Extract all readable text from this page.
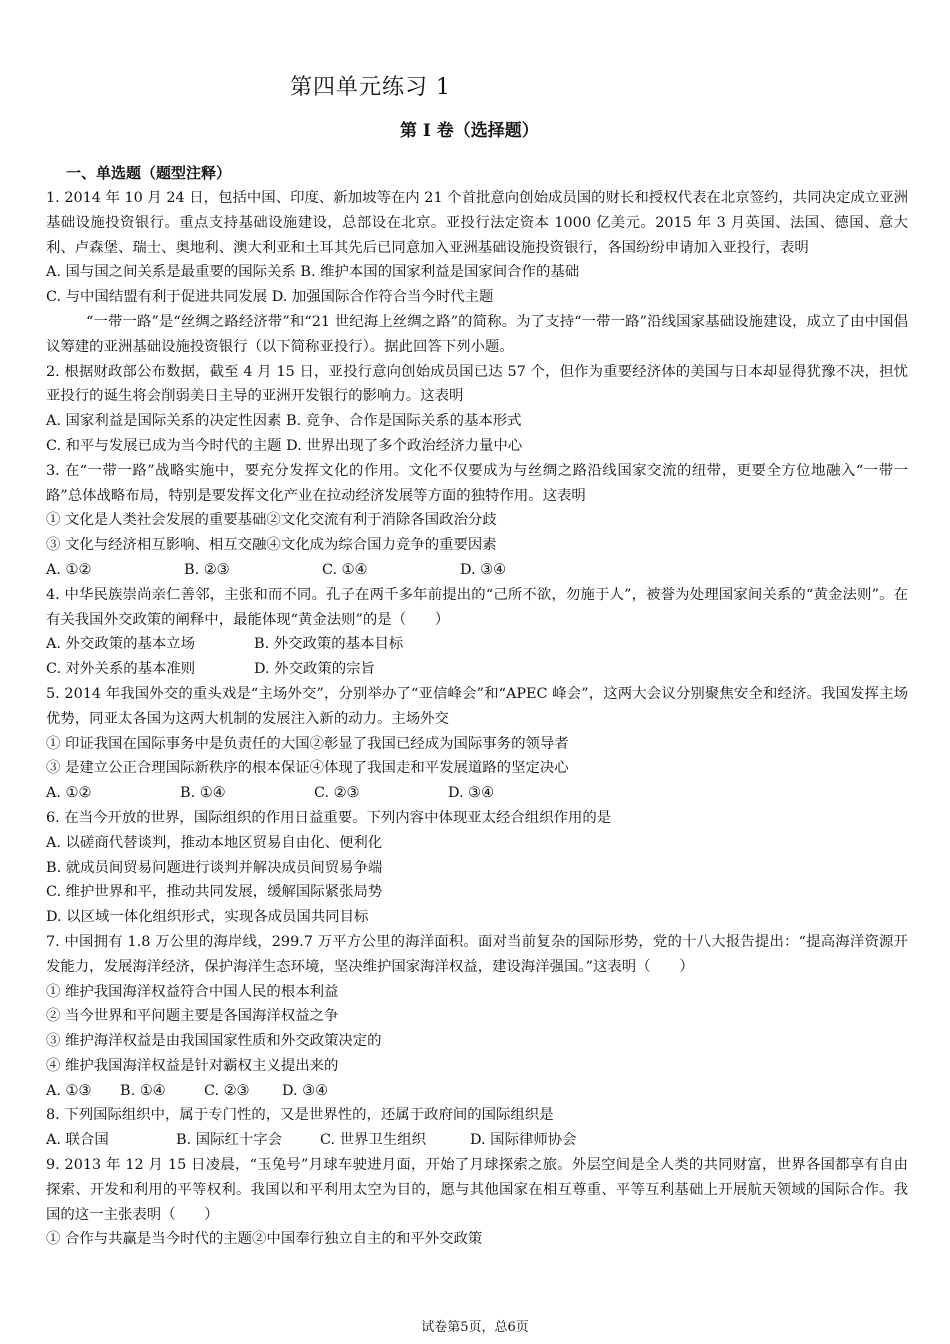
第四单元练习 1
第 I 卷（选择题）
一、单选题（题型注释）

1. 2014 年 10 月 24 日，包括中国、印度、新加坡等在内 21 个首批意向创始成员国的财长和授权代表在北京签约，共同决定成立亚洲基础设施投资银行。重点支持基础设施建设，总部设在北京。亚投行法定资本 1000 亿美元。2015 年 3 月英国、法国、德国、意大利、卢森堡、瑞士、奥地利、澳大利亚和土耳其先后已同意加入亚洲基础设施投资银行，各国纷纷申请加入亚投行，表明

A. 国与国之间关系是最重要的国际关系 B. 维护本国的国家利益是国家间合作的基础

C. 与中国结盟有利于促进共同发展 D. 加强国际合作符合当今时代主题

“一带一路”是“丝绸之路经济带”和“21 世纪海上丝绸之路”的简称。为了支持“一带一路”沿线国家基础设施建设，成立了由中国倡议筹建的亚洲基础设施投资银行（以下简称亚投行）。据此回答下列小题。

2. 根据财政部公布数据，截至 4 月 15 日，亚投行意向创始成员国已达 57 个，但作为重要经济体的美国与日本却显得犹豫不决，担忧亚投行的诞生将会削弱美日主导的亚洲开发银行的影响力。这表明

A. 国家利益是国际关系的决定性因素 B. 竞争、合作是国际关系的基本形式

C. 和平与发展已成为当今时代的主题 D. 世界出现了多个政治经济力量中心

3. 在“一带一路”战略实施中，要充分发挥文化的作用。文化不仅要成为与丝绸之路沿线国家交流的纽带，更要全方位地融入“一带一路”总体战略布局，特别是要发挥文化产业在拉动经济发展等方面的独特作用。这表明

① 文化是人类社会发展的重要基础②文化交流有利于消除各国政治分歧

③ 文化与经济相互影响、相互交融④文化成为综合国力竞争的重要因素

A. ①②	B. ②③	C. ①④	D. ③④

4. 中华民族崇尚亲仁善邻，主张和而不同。孔子在两千多年前提出的“己所不欲，勿施于人”，被誉为处理国家间关系的“黄金法则”。在有关我国外交政策的阐释中，最能体现“黄金法则”的是（　　）

A. 外交政策的基本立场	B. 外交政策的基本目标

C. 对外关系的基本准则	D. 外交政策的宗旨

5. 2014 年我国外交的重头戏是“主场外交”，分别举办了“亚信峰会”和“APEC 峰会”，这两大会议分别聚焦安全和经济。我国发挥主场优势，同亚太各国为这两大机制的发展注入新的动力。主场外交

① 印证我国在国际事务中是负责任的大国②彰显了我国已经成为国际事务的领导者

③ 是建立公正合理国际新秩序的根本保证④体现了我国走和平发展道路的坚定决心

A. ①②	B. ①④	C. ②③	D. ③④

6. 在当今开放的世界，国际组织的作用日益重要。下列内容中体现亚太经合组织作用的是

A. 以磋商代替谈判，推动本地区贸易自由化、便利化

B. 就成员间贸易问题进行谈判并解决成员间贸易争端

C. 维护世界和平，推动共同发展，缓解国际紧张局势

D. 以区域一体化组织形式，实现各成员国共同目标

7. 中国拥有 1.8 万公里的海岸线，299.7 万平方公里的海洋面积。面对当前复杂的国际形势，党的十八大报告提出：“提高海洋资源开发能力，发展海洋经济，保护海洋生态环境，坚决维护国家海洋权益，建设海洋强国。”这表明（　　）

① 维护我国海洋权益符合中国人民的根本利益

② 当今世界和平问题主要是各国海洋权益之争

③ 维护海洋权益是由我国国家性质和外交政策决定的

④ 维护我国海洋权益是针对霸权主义提出来的

A. ①③	B. ①④	C. ②③	D. ③④

8. 下列国际组织中，属于专门性的，又是世界性的，还属于政府间的国际组织是

A. 联合国	B. 国际红十字会	C. 世界卫生组织	D. 国际律师协会

9. 2013 年 12 月 15 日凌晨，“玉兔号”月球车驶进月面，开始了月球探索之旅。外层空间是全人类的共同财富，世界各国都享有自由探索、开发和利用的平等权利。我国以和平利用太空为目的，愿与其他国家在相互尊重、平等互利基础上开展航天领域的国际合作。我国的这一主张表明（　　）

① 合作与共赢是当今时代的主题②中国奉行独立自主的和平外交政策

试卷第5页，总6页
